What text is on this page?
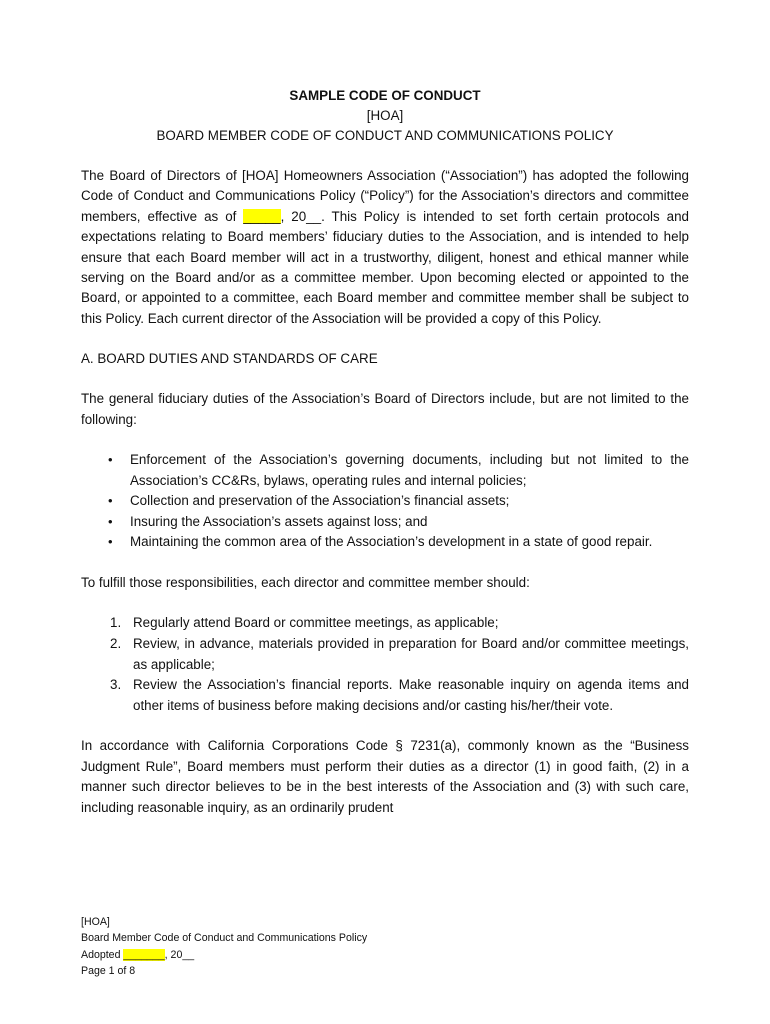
SAMPLE CODE OF CONDUCT
[HOA]
BOARD MEMBER CODE OF CONDUCT AND COMMUNICATIONS POLICY

The Board of Directors of [HOA] Homeowners Association (“Association”) has adopted the following Code of Conduct and Communications Policy (“Policy”) for the Association’s directors and committee members, effective as of _____, 20__. This Policy is intended to set forth certain protocols and expectations relating to Board members’ fiduciary duties to the Association, and is intended to help ensure that each Board member will act in a trustworthy, diligent, honest and ethical manner while serving on the Board and/or as a committee member. Upon becoming elected or appointed to the Board, or appointed to a committee, each Board member and committee member shall be subject to this Policy. Each current director of the Association will be provided a copy of this Policy.

A. BOARD DUTIES AND STANDARDS OF CARE

The general fiduciary duties of the Association’s Board of Directors include, but are not limited to the following:

• Enforcement of the Association’s governing documents, including but not limited to the Association’s CC&Rs, bylaws, operating rules and internal policies;
• Collection and preservation of the Association’s financial assets;
• Insuring the Association’s assets against loss; and
• Maintaining the common area of the Association’s development in a state of good repair.

To fulfill those responsibilities, each director and committee member should:

1. Regularly attend Board or committee meetings, as applicable;
2. Review, in advance, materials provided in preparation for Board and/or committee meetings, as applicable;
3. Review the Association’s financial reports. Make reasonable inquiry on agenda items and other items of business before making decisions and/or casting his/her/their vote.

In accordance with California Corporations Code § 7231(a), commonly known as the “Business Judgment Rule”, Board members must perform their duties as a director (1) in good faith, (2) in a manner such director believes to be in the best interests of the Association and (3) with such care, including reasonable inquiry, as an ordinarily prudent

[HOA]
Board Member Code of Conduct and Communications Policy
Adopted _______, 20__
Page 1 of 8
